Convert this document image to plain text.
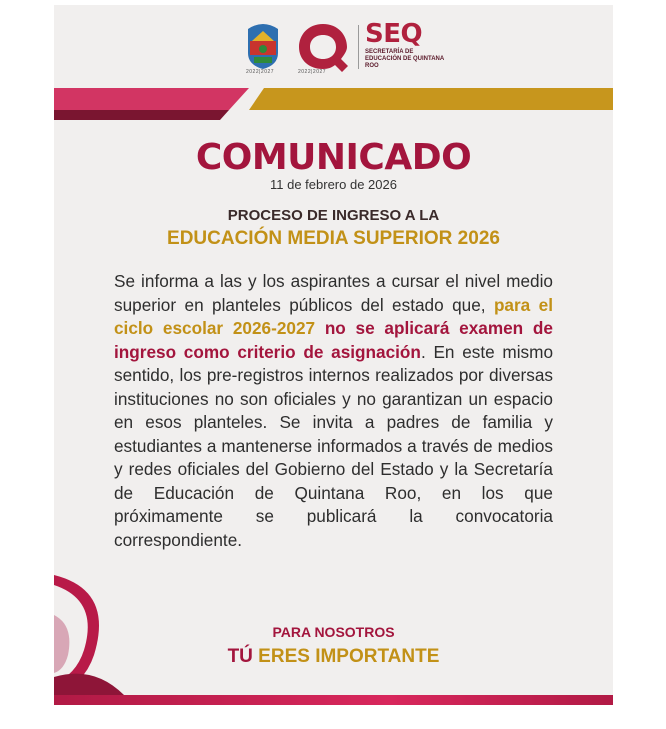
2022|2027	2022|2027
SEQ
SECRETARÍA DE EDUCACIÓN DE QUINTANA ROO
COMUNICADO
11 de febrero de 2026
PROCESO DE INGRESO A LA
EDUCACIÓN MEDIA SUPERIOR 2026
Se informa a las y los aspirantes a cursar el nivel medio superior en planteles públicos del estado que, para el ciclo escolar 2026-2027 no se aplicará examen de ingreso como criterio de asignación. En este mismo sentido, los pre-registros internos realizados por diversas instituciones no son oficiales y no garantizan un espacio en esos planteles. Se invita a padres de familia y estudiantes a mantenerse informados a través de medios y redes oficiales del Gobierno del Estado y la Secretaría de Educación de Quintana Roo, en los que próximamente se publicará la convocatoria correspondiente.
PARA NOSOTROS
TÚ ERES IMPORTANTE
